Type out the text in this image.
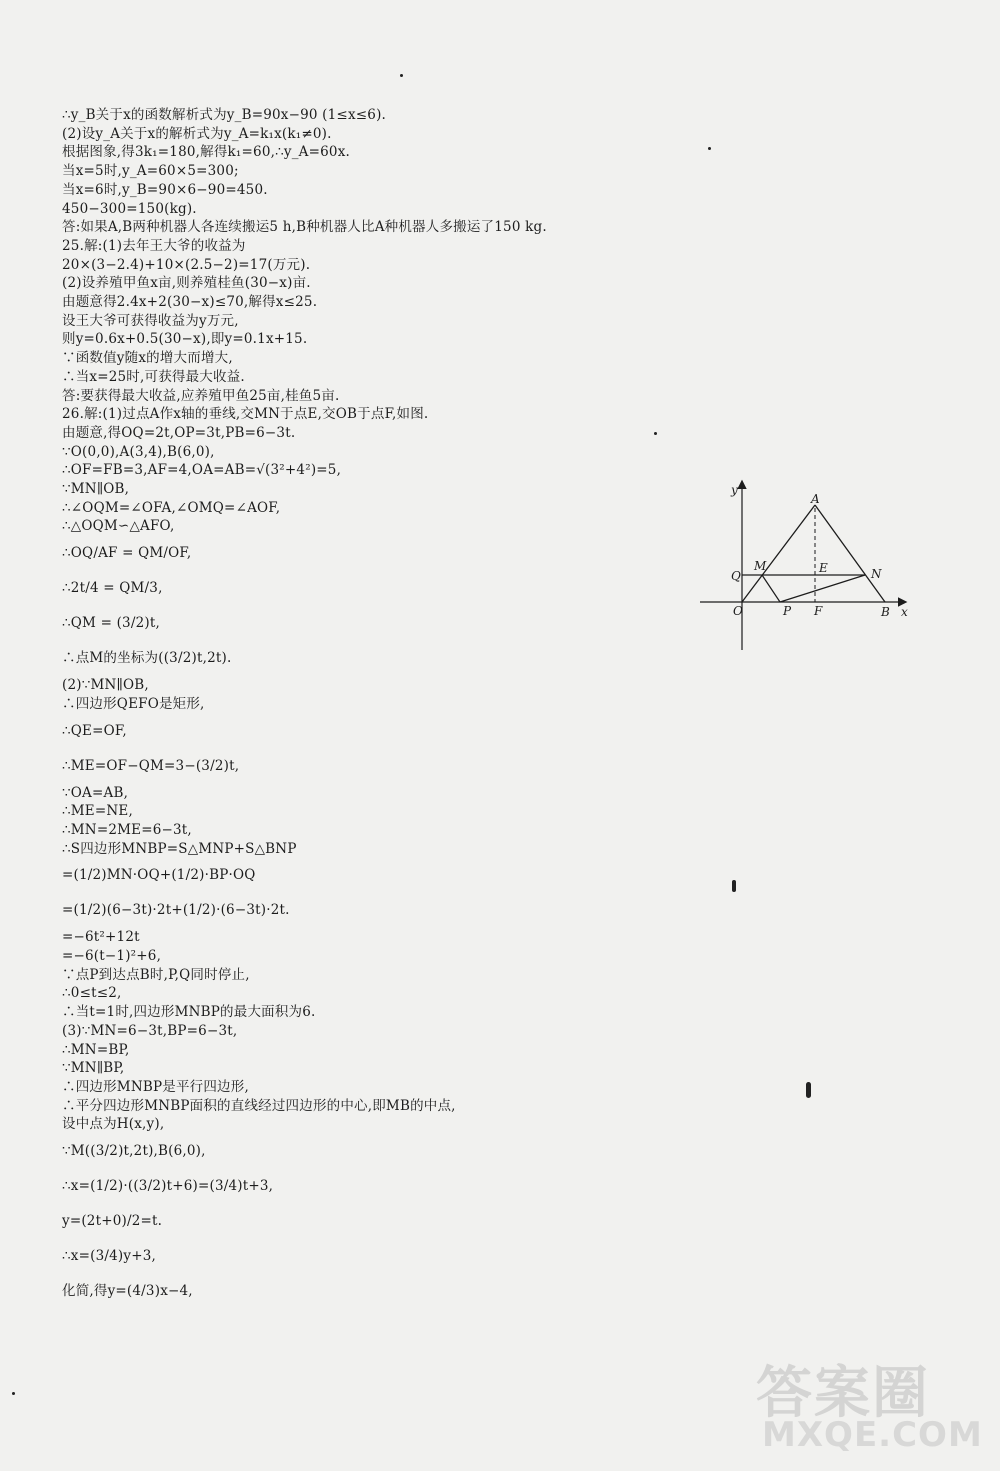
∴y_B关于x的函数解析式为y_B=90x−90 (1≤x≤6).
(2)设y_A关于x的解析式为y_A=k₁x(k₁≠0).
根据图象,得3k₁=180,解得k₁=60,∴y_A=60x.
当x=5时,y_A=60×5=300;
当x=6时,y_B=90×6−90=450.
450−300=150(kg).
答:如果A,B两种机器人各连续搬运5 h,B种机器人比A种机器人多搬运了150 kg.
25.解:(1)去年王大爷的收益为
20×(3−2.4)+10×(2.5−2)=17(万元).
(2)设养殖甲鱼x亩,则养殖桂鱼(30−x)亩.
由题意得2.4x+2(30−x)≤70,解得x≤25.
设王大爷可获得收益为y万元,
则y=0.6x+0.5(30−x),即y=0.1x+15.
∵函数值y随x的增大而增大,
∴当x=25时,可获得最大收益.
答:要获得最大收益,应养殖甲鱼25亩,桂鱼5亩.
26.解:(1)过点A作x轴的垂线,交MN于点E,交OB于点F,如图.
由题意,得OQ=2t,OP=3t,PB=6−3t.
∵O(0,0),A(3,4),B(6,0),
∴OF=FB=3,AF=4,OA=AB=√(3²+4²)=5,
∵MN∥OB,
∴∠OQM=∠OFA,∠OMQ=∠AOF,
∴△OQM∽△AFO,
∴OQ/AF = QM/OF,
∴2t/4 = QM/3,
∴QM = (3/2)t,
∴点M的坐标为((3/2)t,2t).
(2)∵MN∥OB,
∴四边形QEFO是矩形,
∴QE=OF,
∴ME=OF−QM=3−(3/2)t,
∵OA=AB,
∴ME=NE,
∴MN=2ME=6−3t,
∴S四边形MNBP=S△MNP+S△BNP
=(1/2)MN·OQ+(1/2)·BP·OQ
=(1/2)(6−3t)·2t+(1/2)·(6−3t)·2t.
=−6t²+12t
=−6(t−1)²+6,
∵点P到达点B时,P,Q同时停止,
∴0≤t≤2,
∴当t=1时,四边形MNBP的最大面积为6.
(3)∵MN=6−3t,BP=6−3t,
∴MN=BP,
∵MN∥BP,
∴四边形MNBP是平行四边形,
∴平分四边形MNBP面积的直线经过四边形的中心,即MB的中点,
设中点为H(x,y),
∵M((3/2)t,2t),B(6,0),
∴x=(1/2)·((3/2)t+6)=(3/4)t+3,
y=(2t+0)/2=t.
∴x=(3/4)y+3,
化简,得y=(4/3)x−4,
y
x
A
Q
M	E	N
O	P F	B
答案圈
MXQE.COM
